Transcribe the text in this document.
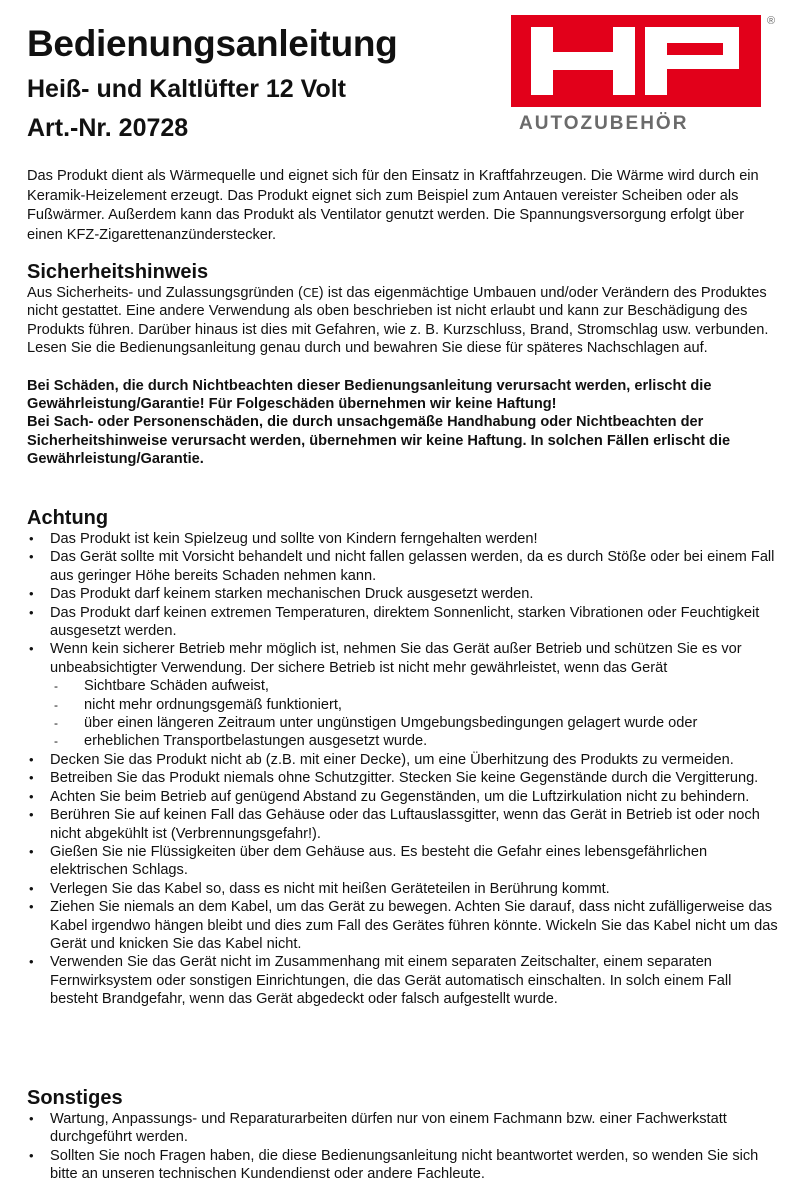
Bedienungsanleitung
Heiß- und Kaltlüfter 12 Volt
Art.-Nr. 20728
®
AUTOZUBEHÖR

Das Produkt dient als Wärmequelle und eignet sich für den Einsatz in Kraftfahrzeugen. Die Wärme wird durch ein Keramik-Heizelement erzeugt. Das Produkt eignet sich zum Beispiel zum Antauen vereister Scheiben oder als Fußwärmer. Außerdem kann das Produkt als Ventilator genutzt werden. Die Spannungsversorgung erfolgt über einen KFZ-Zigarettenanzünderstecker.

Sicherheitshinweis

Aus Sicherheits- und Zulassungsgründen (CE) ist das eigenmächtige Umbauen und/oder Verändern des Produktes nicht gestattet. Eine andere Verwendung als oben beschrieben ist nicht erlaubt und kann zur Beschädigung des Produkts führen. Darüber hinaus ist dies mit Gefahren, wie z. B. Kurzschluss, Brand, Stromschlag usw. verbunden. Lesen Sie die Bedienungsanleitung genau durch und bewahren Sie diese für späteres Nachschlagen auf.

Bei Schäden, die durch Nichtbeachten dieser Bedienungsanleitung verursacht werden, erlischt die Gewährleistung/Garantie! Für Folgeschäden übernehmen wir keine Haftung!

Bei Sach- oder Personenschäden, die durch unsachgemäße Handhabung oder Nichtbeachten der Sicherheitshinweise verursacht werden, übernehmen wir keine Haftung. In solchen Fällen erlischt die Gewährleistung/Garantie.

Achtung
• Das Produkt ist kein Spielzeug und sollte von Kindern ferngehalten werden!
• Das Gerät sollte mit Vorsicht behandelt und nicht fallen gelassen werden, da es durch Stöße oder bei einem Fall aus geringer Höhe bereits Schaden nehmen kann.
• Das Produkt darf keinem starken mechanischen Druck ausgesetzt werden.
• Das Produkt darf keinen extremen Temperaturen, direktem Sonnenlicht, starken Vibrationen oder Feuchtigkeit ausgesetzt werden.
• Wenn kein sicherer Betrieb mehr möglich ist, nehmen Sie das Gerät außer Betrieb und schützen Sie es vor unbeabsichtigter Verwendung. Der sichere Betrieb ist nicht mehr gewährleistet, wenn das Gerät
- Sichtbare Schäden aufweist,
- nicht mehr ordnungsgemäß funktioniert,
- über einen längeren Zeitraum unter ungünstigen Umgebungsbedingungen gelagert wurde oder
- erheblichen Transportbelastungen ausgesetzt wurde.
• Decken Sie das Produkt nicht ab (z.B. mit einer Decke), um eine Überhitzung des Produkts zu vermeiden.
• Betreiben Sie das Produkt niemals ohne Schutzgitter. Stecken Sie keine Gegenstände durch die Vergitterung.
• Achten Sie beim Betrieb auf genügend Abstand zu Gegenständen, um die Luftzirkulation nicht zu behindern.
• Berühren Sie auf keinen Fall das Gehäuse oder das Luftauslassgitter, wenn das Gerät in Betrieb ist oder noch nicht abgekühlt ist (Verbrennungsgefahr!).
• Gießen Sie nie Flüssigkeiten über dem Gehäuse aus. Es besteht die Gefahr eines lebensgefährlichen elektrischen Schlags.
• Verlegen Sie das Kabel so, dass es nicht mit heißen Geräteteilen in Berührung kommt.
• Ziehen Sie niemals an dem Kabel, um das Gerät zu bewegen. Achten Sie darauf, dass nicht zufälligerweise das Kabel irgendwo hängen bleibt und dies zum Fall des Gerätes führen könnte. Wickeln Sie das Kabel nicht um das Gerät und knicken Sie das Kabel nicht.
• Verwenden Sie das Gerät nicht im Zusammenhang mit einem separaten Zeitschalter, einem separaten Fernwirksystem oder sonstigen Einrichtungen, die das Gerät automatisch einschalten. In solch einem Fall besteht Brandgefahr, wenn das Gerät abgedeckt oder falsch aufgestellt wurde.
Sonstiges
• Wartung, Anpassungs- und Reparaturarbeiten dürfen nur von einem Fachmann bzw. einer Fachwerkstatt durchgeführt werden.
• Sollten Sie noch Fragen haben, die diese Bedienungsanleitung nicht beantwortet werden, so wenden Sie sich bitte an unseren technischen Kundendienst oder andere Fachleute.
